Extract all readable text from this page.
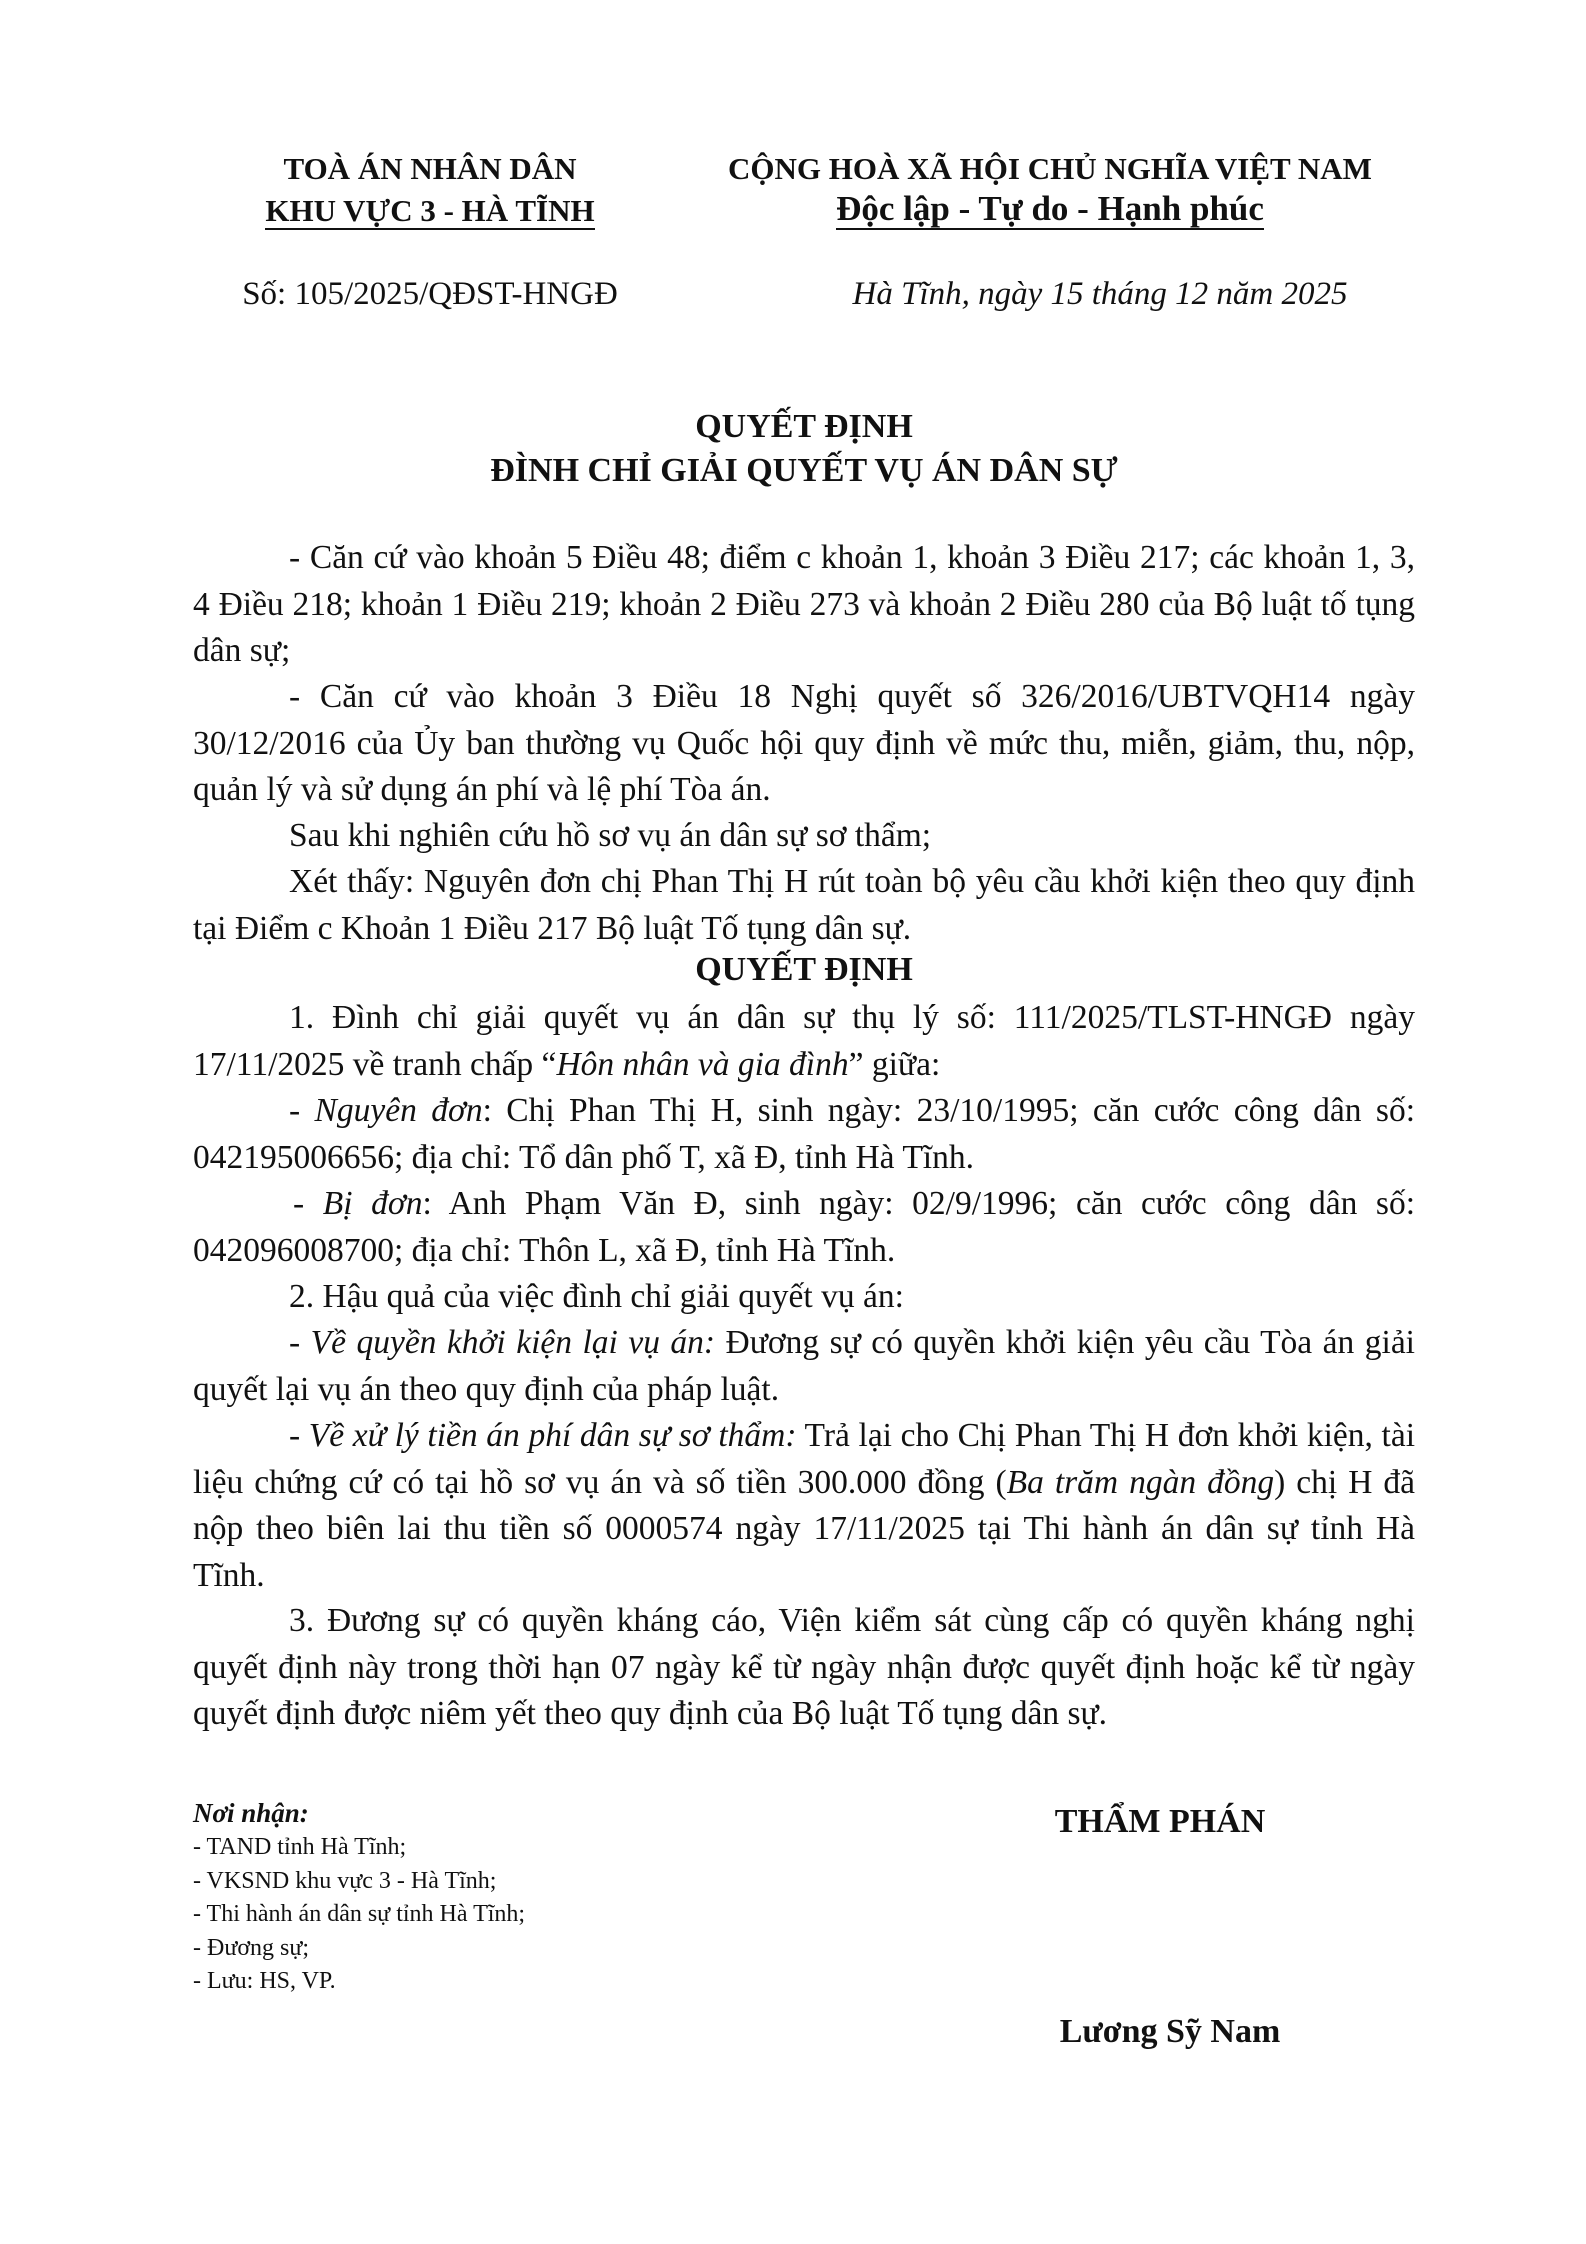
TOÀ ÁN NHÂN DÂN
KHU VỰC 3 - HÀ TĨNH
CỘNG HOÀ XÃ HỘI CHỦ NGHĨA VIỆT NAM
Độc lập - Tự do - Hạnh phúc
Số: 105/2025/QĐST-HNGĐ	Hà Tĩnh, ngày 15 tháng 12 năm 2025
QUYẾT ĐỊNH
ĐÌNH CHỈ GIẢI QUYẾT VỤ ÁN DÂN SỰ

- Căn cứ vào khoản 5 Điều 48; điểm c khoản 1, khoản 3 Điều 217; các khoản 1, 3, 4 Điều 218; khoản 1 Điều 219; khoản 2 Điều 273 và khoản 2 Điều 280 của Bộ luật tố tụng dân sự;

- Căn cứ vào khoản 3 Điều 18 Nghị quyết số 326/2016/UBTVQH14 ngày 30/12/2016 của Ủy ban thường vụ Quốc hội quy định về mức thu, miễn, giảm, thu, nộp, quản lý và sử dụng án phí và lệ phí Tòa án.

Sau khi nghiên cứu hồ sơ vụ án dân sự sơ thẩm;

Xét thấy: Nguyên đơn chị Phan Thị H rút toàn bộ yêu cầu khởi kiện theo quy định tại Điểm c Khoản 1 Điều 217 Bộ luật Tố tụng dân sự.

QUYẾT ĐỊNH

1. Đình chỉ giải quyết vụ án dân sự thụ lý số: 111/2025/TLST-HNGĐ ngày 17/11/2025 về tranh chấp “Hôn nhân và gia đình” giữa:

- Nguyên đơn: Chị Phan Thị H, sinh ngày: 23/10/1995; căn cước công dân số: 042195006656; địa chỉ: Tổ dân phố T, xã Đ, tỉnh Hà Tĩnh.

- Bị đơn: Anh Phạm Văn Đ, sinh ngày: 02/9/1996; căn cước công dân số: 042096008700; địa chỉ: Thôn L, xã Đ, tỉnh Hà Tĩnh.

2. Hậu quả của việc đình chỉ giải quyết vụ án:

- Về quyền khởi kiện lại vụ án: Đương sự có quyền khởi kiện yêu cầu Tòa án giải quyết lại vụ án theo quy định của pháp luật.

- Về xử lý tiền án phí dân sự sơ thẩm: Trả lại cho Chị Phan Thị H đơn khởi kiện, tài liệu chứng cứ có tại hồ sơ vụ án và số tiền 300.000 đồng (Ba trăm ngàn đồng) chị H đã nộp theo biên lai thu tiền số 0000574 ngày 17/11/2025 tại Thi hành án dân sự tỉnh Hà Tĩnh.

3. Đương sự có quyền kháng cáo, Viện kiểm sát cùng cấp có quyền kháng nghị quyết định này trong thời hạn 07 ngày kể từ ngày nhận được quyết định hoặc kể từ ngày quyết định được niêm yết theo quy định của Bộ luật Tố tụng dân sự.

Nơi nhận:
- TAND tỉnh Hà Tĩnh;
- VKSND khu vực 3 - Hà Tĩnh;
- Thi hành án dân sự tỉnh Hà Tĩnh;
- Đương sự;
- Lưu: HS, VP.
THẨM PHÁN
Lương Sỹ Nam
